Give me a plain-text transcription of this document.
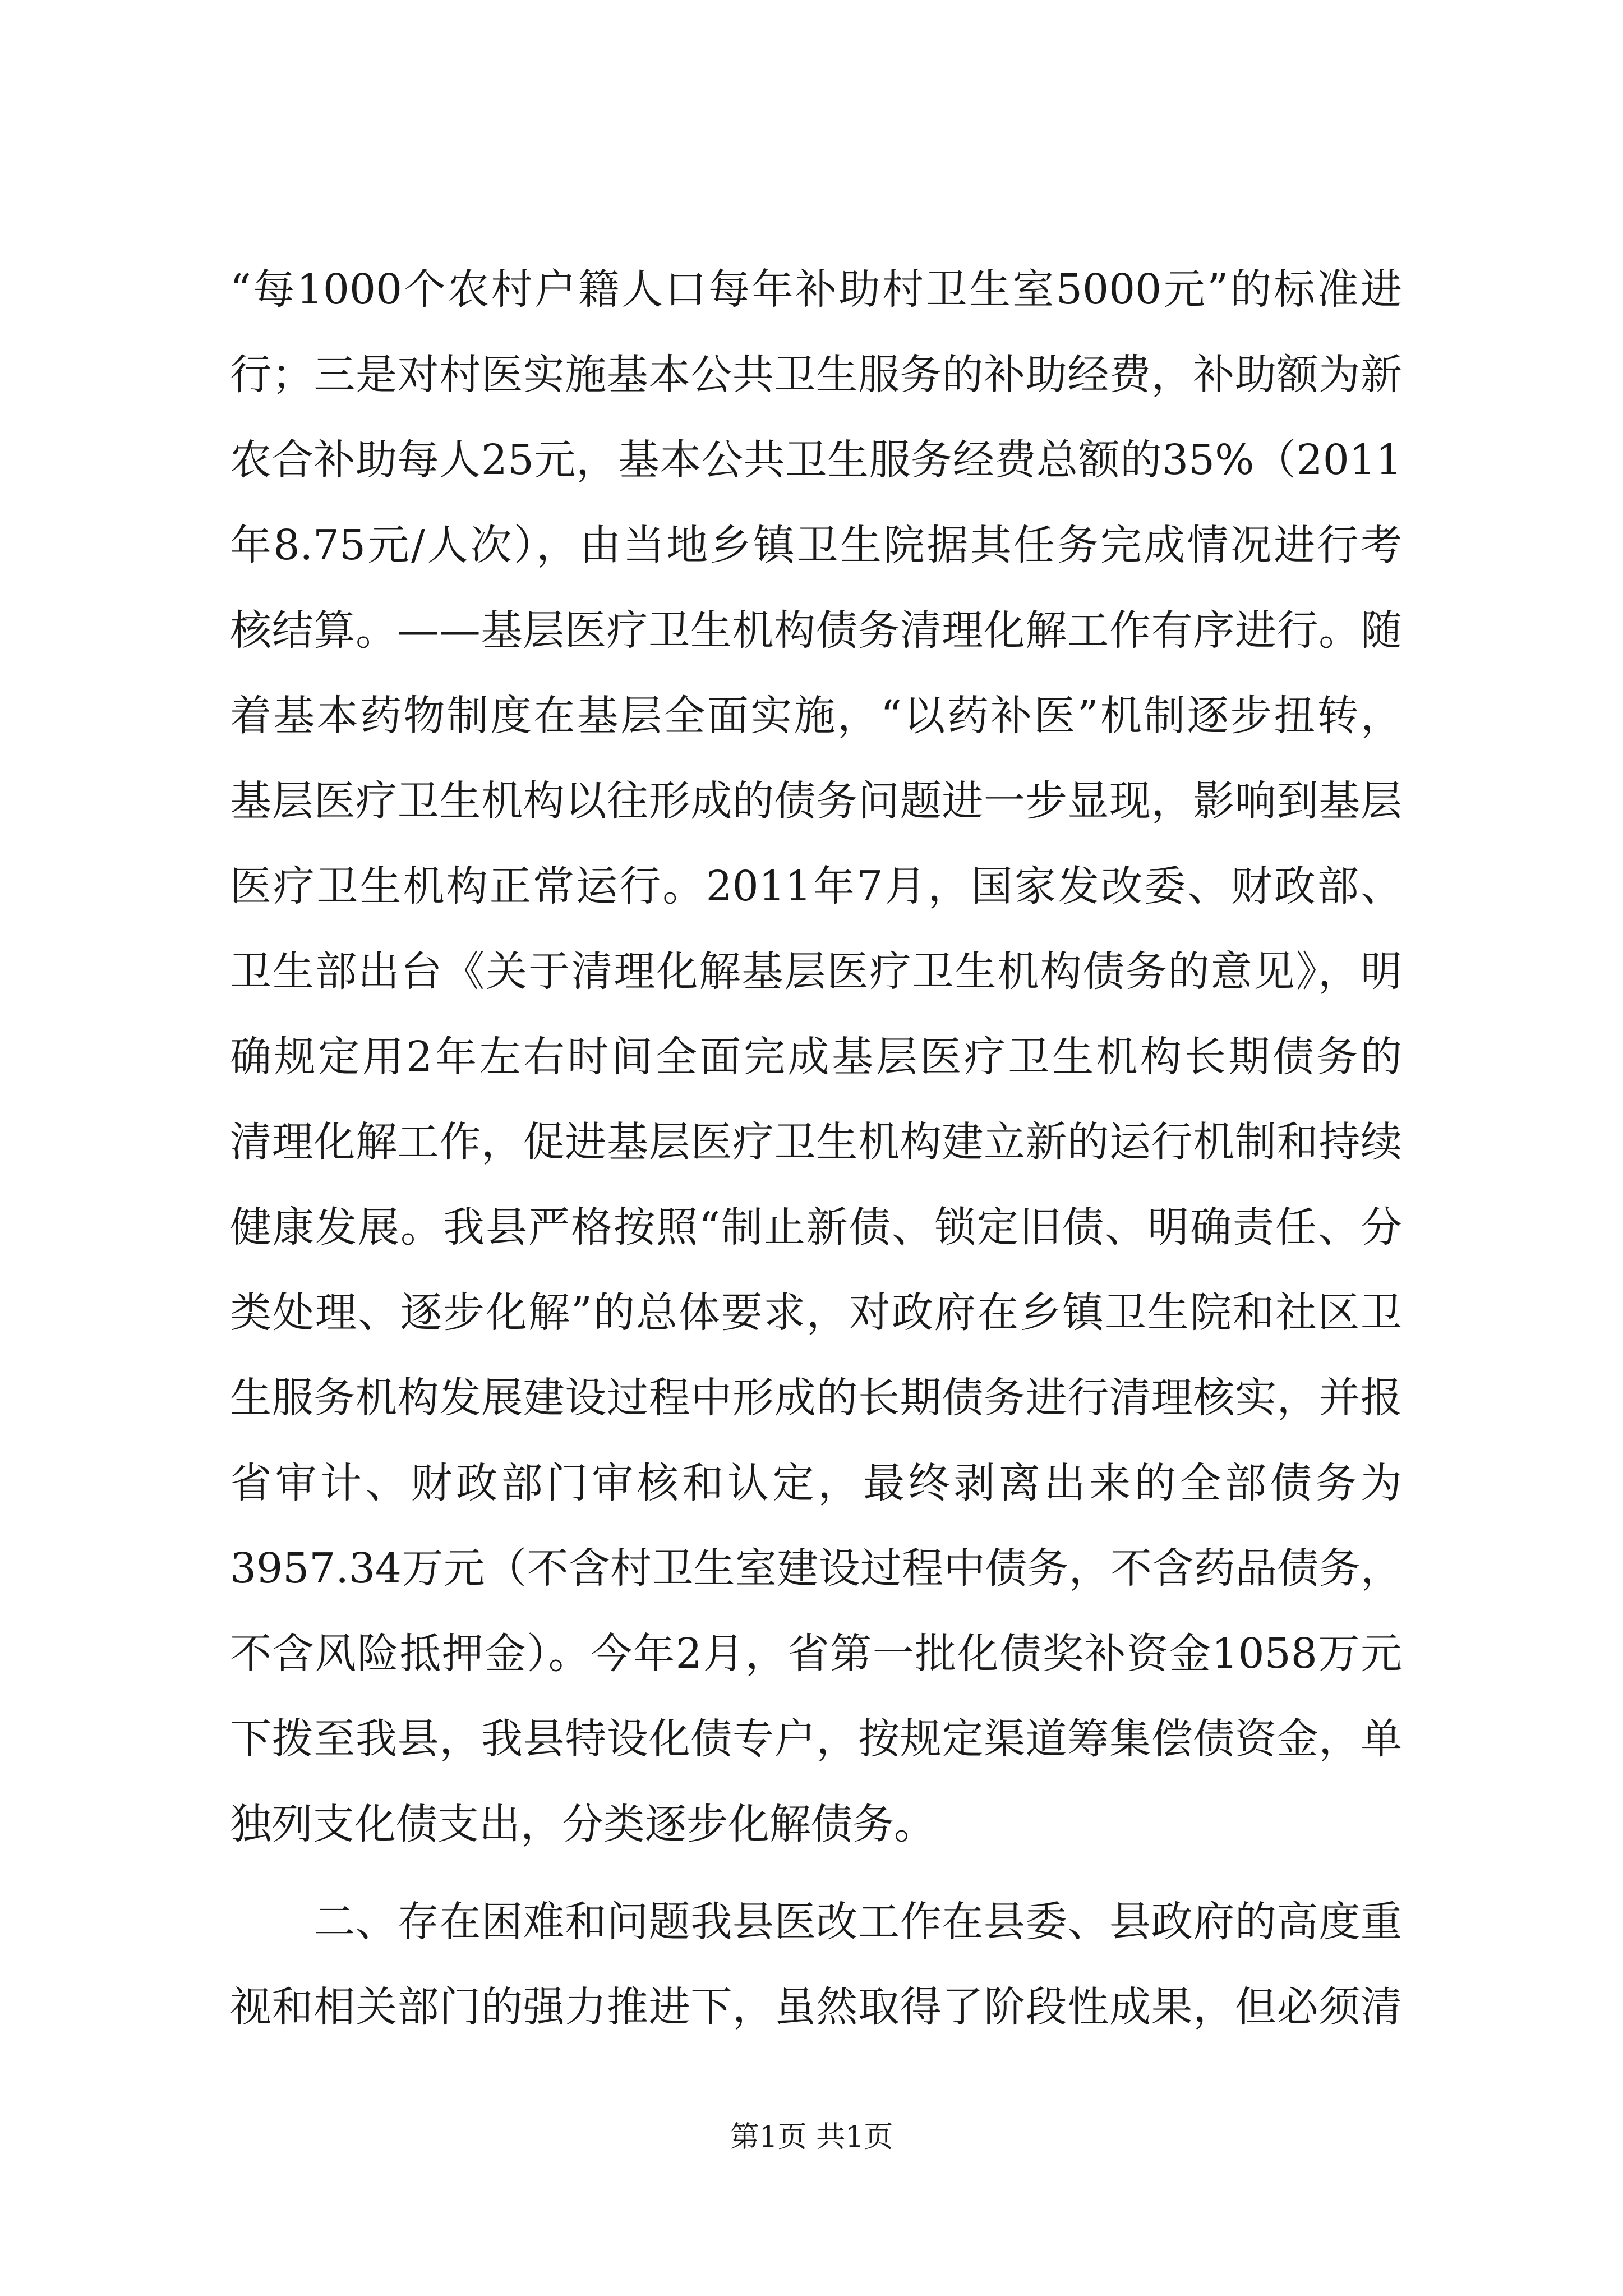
“每1000个农村户籍人口每年补助村卫生室5000元”的标准进
行；三是对村医实施基本公共卫生服务的补助经费，补助额为新
农合补助每人25元，基本公共卫生服务经费总额的35%（2011
年8.75元/人次），由当地乡镇卫生院据其任务完成情况进行考
核结算。——基层医疗卫生机构债务清理化解工作有序进行。随
着基本药物制度在基层全面实施，“以药补医”机制逐步扭转，
基层医疗卫生机构以往形成的债务问题进一步显现，影响到基层
医疗卫生机构正常运行。2011年7月，国家发改委、财政部、
卫生部出台《关于清理化解基层医疗卫生机构债务的意见》，明
确规定用2年左右时间全面完成基层医疗卫生机构长期债务的
清理化解工作，促进基层医疗卫生机构建立新的运行机制和持续
健康发展。我县严格按照“制止新债、锁定旧债、明确责任、分
类处理、逐步化解”的总体要求，对政府在乡镇卫生院和社区卫
生服务机构发展建设过程中形成的长期债务进行清理核实，并报
省审计、财政部门审核和认定，最终剥离出来的全部债务为
3957.34万元（不含村卫生室建设过程中债务，不含药品债务，
不含风险抵押金）。今年2月，省第一批化债奖补资金1058万元
下拨至我县，我县特设化债专户，按规定渠道筹集偿债资金，单
独列支化债支出，分类逐步化解债务。
　　二、存在困难和问题我县医改工作在县委、县政府的高度重
视和相关部门的强力推进下，虽然取得了阶段性成果，但必须清
第1页 共1页
